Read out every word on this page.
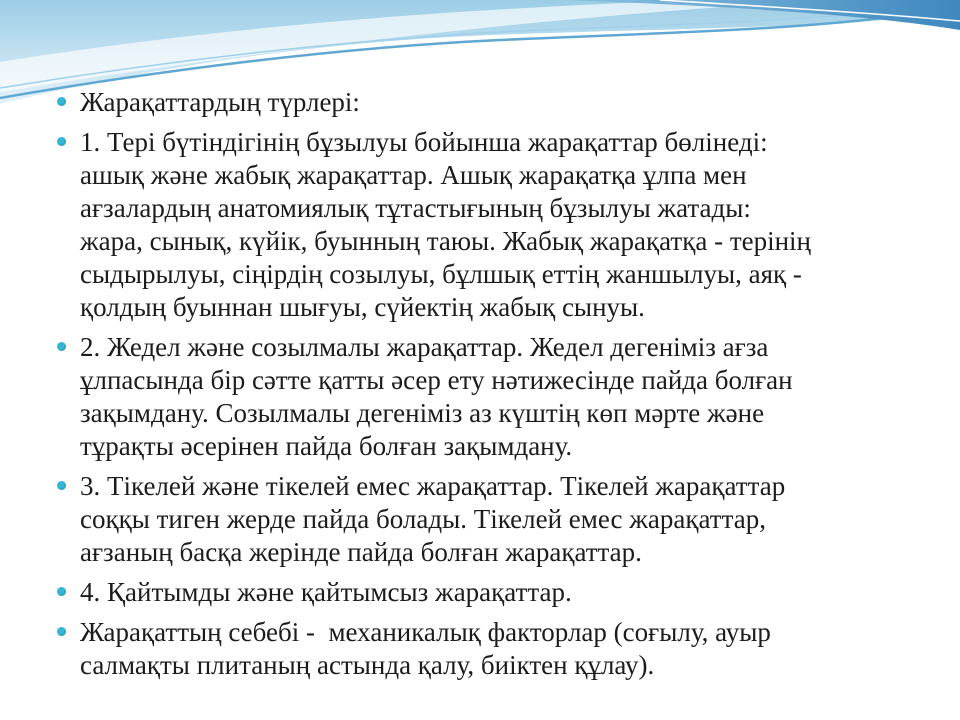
Жарақаттардың түрлері:
1. Тері бүтіндігінің бұзылуы бойынша жарақаттар бөлінеді:
ашық және жабық жарақаттар. Ашық жарақатқа ұлпа мен
ағзалардың анатомиялық тұтастығының бұзылуы жатады:
жара, сынық, күйік, буынның таюы. Жабық жарақатқа - терінің
сыдырылуы, сіңірдің созылуы, бұлшық еттің жаншылуы, аяқ -
қолдың буыннан шығуы, сүйектің жабық сынуы.
2. Жедел және созылмалы жарақаттар. Жедел дегеніміз ағза
ұлпасында бір сәтте қатты әсер ету нәтижесінде пайда болған
зақымдану. Созылмалы дегеніміз аз күштің көп мәрте және
тұрақты әсерінен пайда болған зақымдану.
3. Тікелей және тікелей емес жарақаттар. Тікелей жарақаттар
соққы тиген жерде пайда болады. Тікелей емес жарақаттар,
ағзаның басқа жерінде пайда болған жарақаттар.
4. Қайтымды және қайтымсыз жарақаттар.
Жарақаттың себебі -  механикалық факторлар (соғылу, ауыр
салмақты плитаның астында қалу, биіктен құлау).
